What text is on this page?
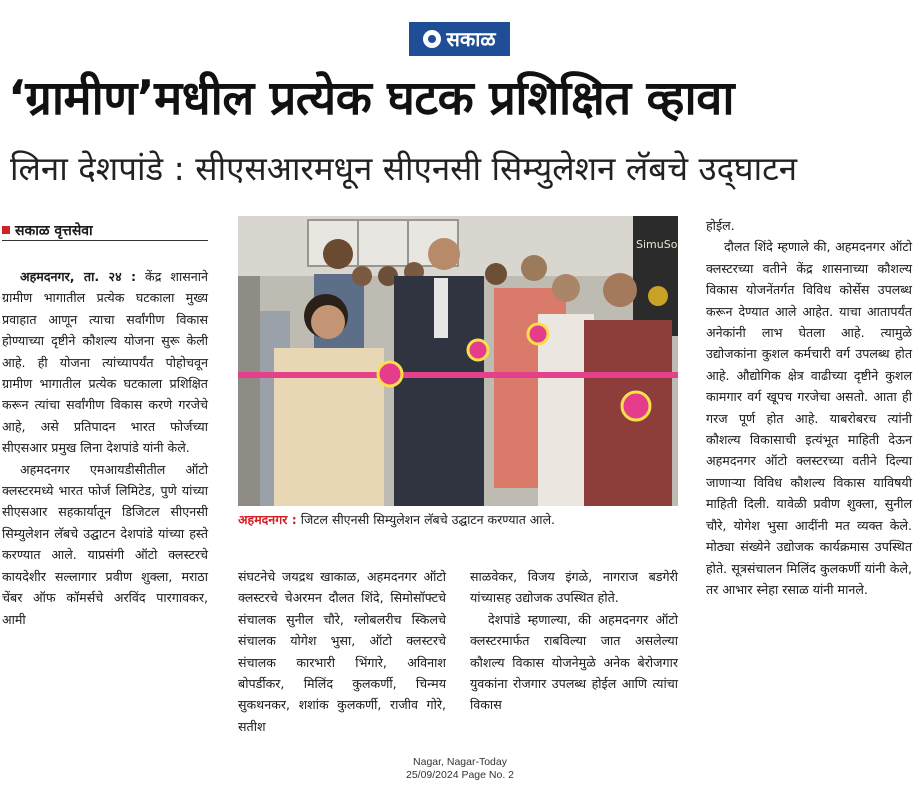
सकाळ
‘ग्रामीण’मधील प्रत्येक घटक प्रशिक्षित व्हावा
लिना देशपांडे : सीएसआरमधून सीएनसी सिम्युलेशन लॅबचे उद्‌घाटन
सकाळ वृत्तसेवा

अहमदनगर, ता. २४ : केंद्र शासनाने ग्रामीण भागातील प्रत्येक घटकाला मुख्य प्रवाहात आणून त्याचा सर्वांगीण विकास होण्याच्या दृष्टीने कौशल्य योजना सुरू केली आहे. ही योजना त्यांच्यापर्यंत पोहोचवून ग्रामीण भागातील प्रत्येक घटकाला प्रशिक्षित करून त्यांचा सर्वांगीण विकास करणे गरजेचे आहे, असे प्रतिपादन भारत फोर्जच्या सीएसआर प्रमुख लिना देशपांडे यांनी केले.

अहमदनगर एमआयडीसीतील ऑटो क्लस्टरमध्ये भारत फोर्ज लिमिटेड, पुणे यांच्या सीएसआर सहकार्यातून डिजिटल सीएनसी सिम्युलेशन लॅबचे उद्घाटन देशपांडे यांच्या हस्ते करण्यात आले. याप्रसंगी ऑटो क्लस्टरचे कायदेशीर सल्लागार प्रवीण शुक्ला, मराठा चेंबर ऑफ कॉमर्सचे अरविंद पारगावकर, आमी

SimuSo
अहमदनगर : जिटल सीएनसी सिम्युलेशन लॅबचे उद्घाटन करण्यात आले.

संघटनेचे जयद्रथ खाकाळ, अहमदनगर ऑटो क्लस्टरचे चेअरमन दौलत शिंदे, सिमोसॉफ्टचे संचालक सुनील चौरे, ग्लोबलरीच स्किलचे संचालक योगेश भुसा, ऑटो क्लस्टरचे संचालक कारभारी भिंगारे, अविनाश बोपर्डीकर, मिलिंद कुलकर्णी, चिन्मय सुकथनकर, शशांक कुलकर्णी, राजीव गोरे, सतीश

साळवेकर, विजय इंगळे, नागराज बडगेरी यांच्यासह उद्योजक उपस्थित होते.

देशपांडे म्हणाल्या, की अहमदनगर ऑटो क्लस्टरमार्फत राबविल्या जात असलेल्या कौशल्य विकास योजनेमुळे अनेक बेरोजगार युवकांना रोजगार उपलब्ध होईल आणि त्यांचा विकास

होईल.

दौलत शिंदे म्हणाले की, अहमदनगर ऑटो क्लस्टरच्या वतीने केंद्र शासनाच्या कौशल्य विकास योजनेंतर्गत विविध कोर्सेस उपलब्ध करून देण्यात आले आहेत. याचा आतापर्यंत अनेकांनी लाभ घेतला आहे. त्यामुळे उद्योजकांना कुशल कर्मचारी वर्ग उपलब्ध होत आहे. औद्योगिक क्षेत्र वाढीच्या दृष्टीने कुशल कामगार वर्ग खूपच गरजेचा असतो. आता ही गरज पूर्ण होत आहे. याबरोबरच त्यांनी कौशल्य विकासाची इत्यंभूत माहिती देऊन अहमदनगर ऑटो क्लस्टरच्या वतीने दिल्या जाणाऱ्या विविध कौशल्य विकास याविषयी माहिती दिली. यावेळी प्रवीण शुक्ला, सुनील चौरे, योगेश भुसा आदींनी मत व्यक्त केले. मोठ्या संख्येने उद्योजक कार्यक्रमास उपस्थित होते. सूत्रसंचालन मिलिंद कुलकर्णी यांनी केले, तर आभार स्नेहा रसाळ यांनी मानले.

Nagar, Nagar-Today
25/09/2024 Page No. 2
